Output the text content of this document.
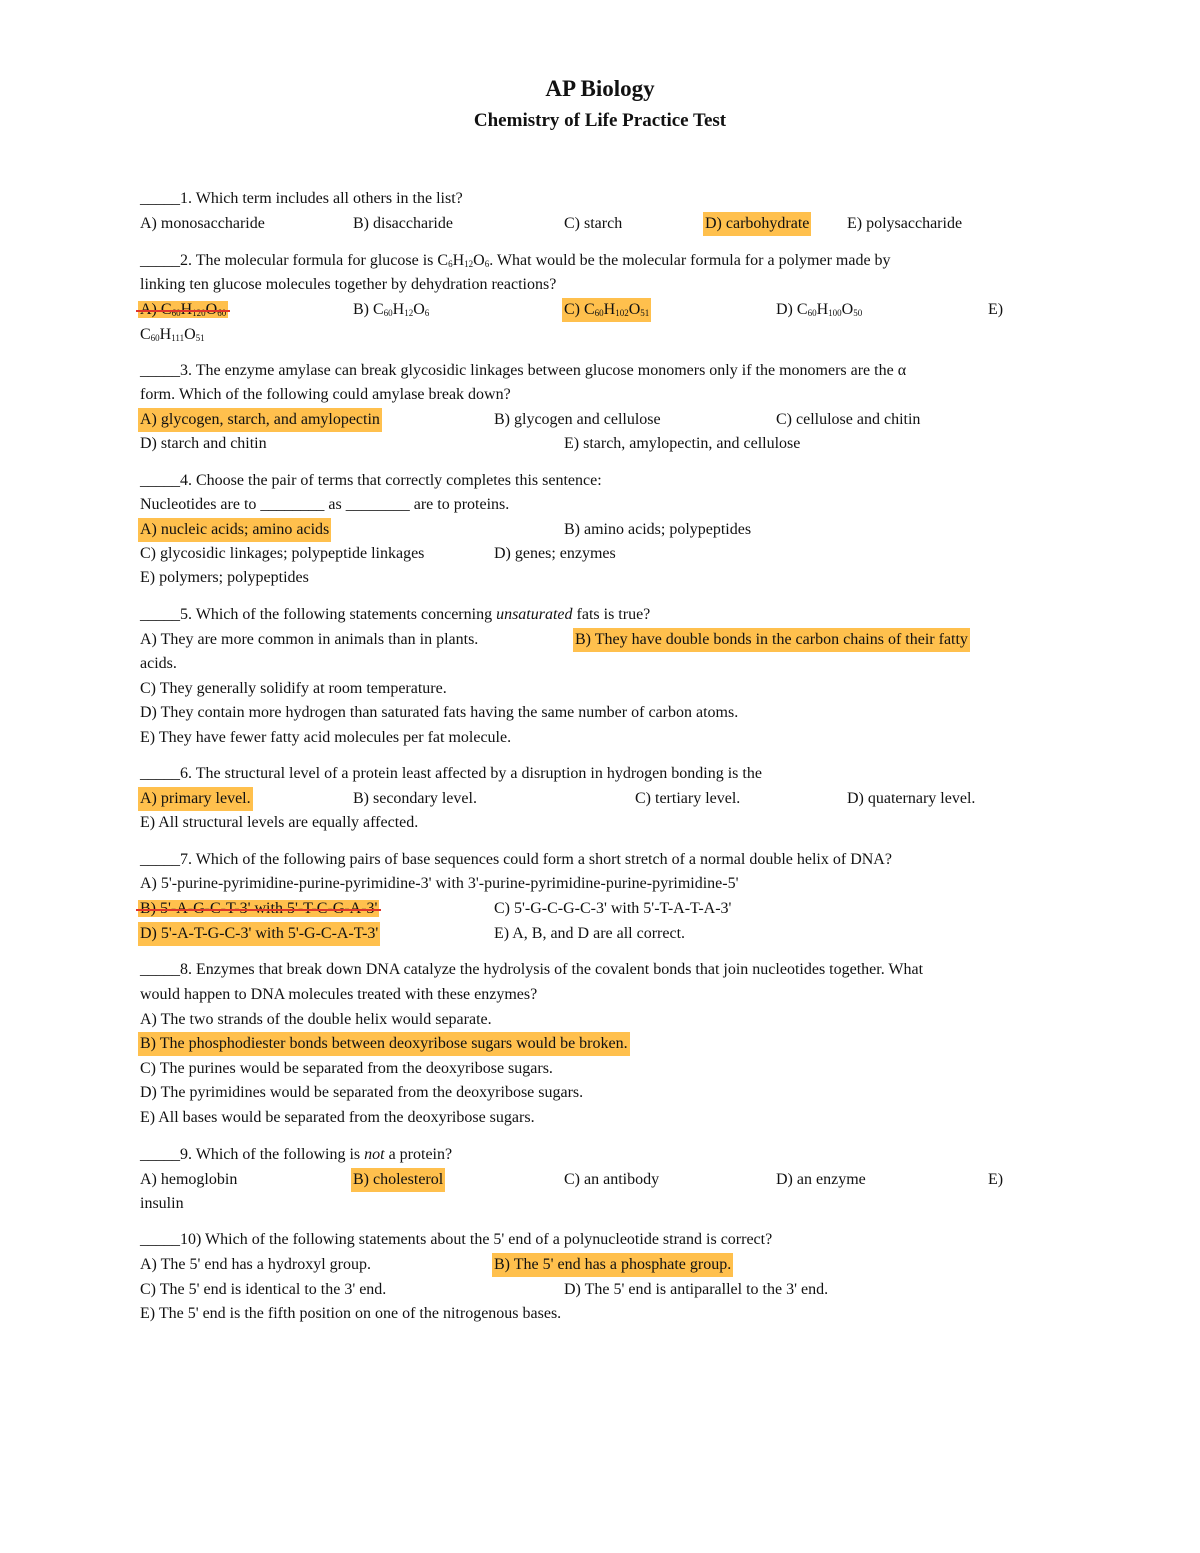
AP Biology
Chemistry of Life Practice Test
_____1. Which term includes all others in the list?
A) monosaccharide	B) disaccharide	C) starch	D) carbohydrate E) polysaccharide
_____2. The molecular formula for glucose is $C_6H_{12}O_6$. What would be the molecular formula for a polymer made by
linking ten glucose molecules together by dehydration reactions?
A) $C_{60}H_{120}O_{60}$	B) $C_{60}H_{12}O_6$	C) $C_{60}H_{102}O_{51}$	D) $C_{60}H_{100}O_{50}$	E)
$C_{60}H_{111}O_{51}$
_____3. The enzyme amylase can break glycosidic linkages between glucose monomers only if the monomers are the α
form. Which of the following could amylase break down?
A) glycogen, starch, and amylopectin	B) glycogen and cellulose	C) cellulose and chitin
D) starch and chitin	E) starch, amylopectin, and cellulose
_____4. Choose the pair of terms that correctly completes this sentence:
Nucleotides are to ________ as ________ are to proteins.
A) nucleic acids; amino acids	B) amino acids; polypeptides
C) glycosidic linkages; polypeptide linkages	D) genes; enzymes
E) polymers; polypeptides
_____5. Which of the following statements concerning unsaturated fats is true?
A) They are more common in animals than in plants.	B) They have double bonds in the carbon chains of their fatty
acids.
C) They generally solidify at room temperature.
D) They contain more hydrogen than saturated fats having the same number of carbon atoms.
E) They have fewer fatty acid molecules per fat molecule.
_____6. The structural level of a protein least affected by a disruption in hydrogen bonding is the
A) primary level.	B) secondary level.	C) tertiary level.	D) quaternary level.
E) All structural levels are equally affected.
_____7. Which of the following pairs of base sequences could form a short stretch of a normal double helix of DNA?
A) 5'-purine-pyrimidine-purine-pyrimidine-3' with 3'-purine-pyrimidine-purine-pyrimidine-5'
B) 5'-A-G-C-T-3' with 5'-T-C-G-A-3'	C) 5'-G-C-G-C-3' with 5'-T-A-T-A-3'
D) 5'-A-T-G-C-3' with 5'-G-C-A-T-3'	E) A, B, and D are all correct.
_____8. Enzymes that break down DNA catalyze the hydrolysis of the covalent bonds that join nucleotides together. What
would happen to DNA molecules treated with these enzymes?
A) The two strands of the double helix would separate.
B) The phosphodiester bonds between deoxyribose sugars would be broken.
C) The purines would be separated from the deoxyribose sugars.
D) The pyrimidines would be separated from the deoxyribose sugars.
E) All bases would be separated from the deoxyribose sugars.
_____9. Which of the following is not a protein?
A) hemoglobin	B) cholesterol	C) an antibody	D) an enzyme	E)
insulin
_____10) Which of the following statements about the 5' end of a polynucleotide strand is correct?
A) The 5' end has a hydroxyl group.	B) The 5' end has a phosphate group.
C) The 5' end is identical to the 3' end.	D) The 5' end is antiparallel to the 3' end.
E) The 5' end is the fifth position on one of the nitrogenous bases.
